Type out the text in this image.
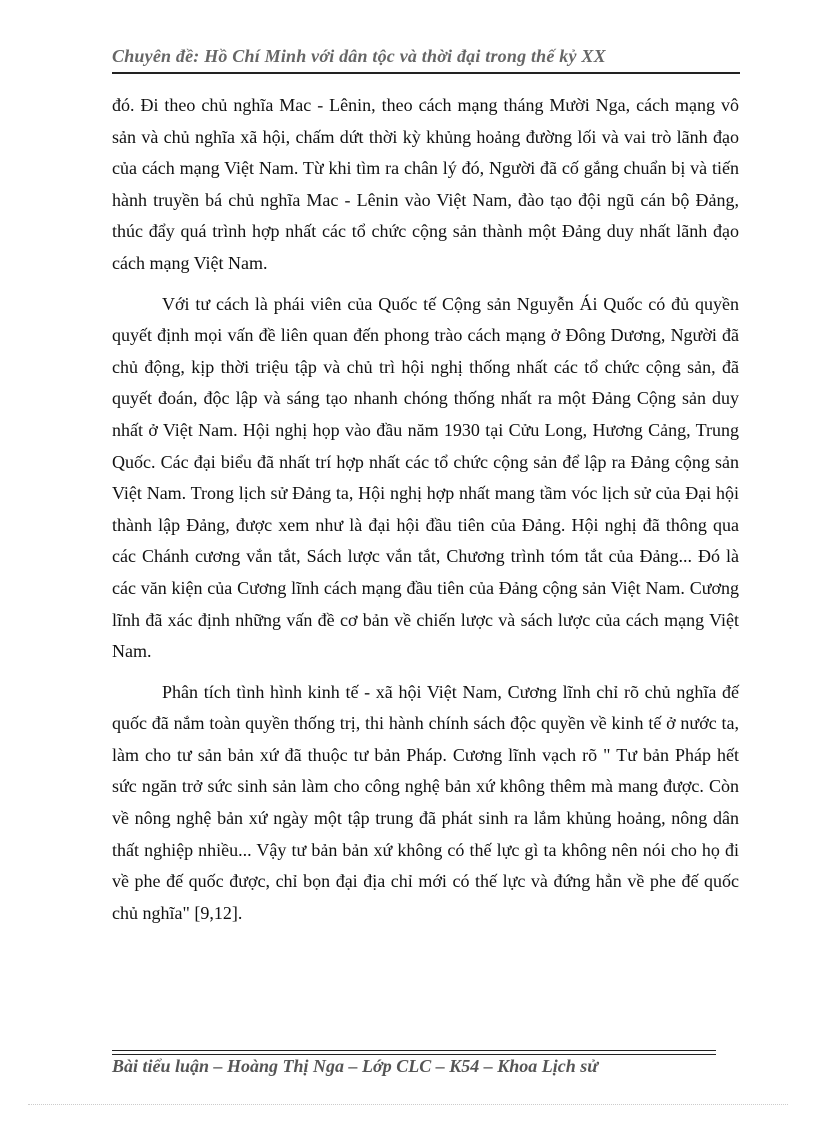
Chuyên đề: Hồ Chí Minh với dân tộc và thời đại trong thế kỷ XX

đó. Đi theo chủ nghĩa Mac - Lênin, theo cách mạng tháng Mười Nga, cách mạng vô sản và chủ nghĩa xã hội, chấm dứt thời kỳ khủng hoảng đường lối và vai trò lãnh đạo của cách mạng Việt Nam. Từ khi tìm ra chân lý đó, Người đã cố gắng chuẩn bị và tiến hành truyền bá chủ nghĩa Mac - Lênin vào Việt Nam, đào tạo đội ngũ cán bộ Đảng, thúc đẩy quá trình hợp nhất các tổ chức cộng sản thành một Đảng duy nhất lãnh đạo cách mạng Việt Nam.

Với tư cách là phái viên của Quốc tế Cộng sản Nguyễn Ái Quốc có đủ quyền quyết định mọi vấn đề liên quan đến phong trào cách mạng ở Đông Dương, Người đã chủ động, kịp thời triệu tập và chủ trì hội nghị thống nhất các tổ chức cộng sản, đã quyết đoán, độc lập và sáng tạo nhanh chóng thống nhất ra một Đảng Cộng sản duy nhất ở Việt Nam. Hội nghị họp vào đầu năm 1930 tại Cửu Long, Hương Cảng, Trung Quốc. Các đại biểu đã nhất trí hợp nhất các tổ chức cộng sản để lập ra Đảng cộng sản Việt Nam. Trong lịch sử Đảng ta, Hội nghị hợp nhất mang tầm vóc lịch sử của Đại hội thành lập Đảng, được xem như là đại hội đầu tiên của Đảng. Hội nghị đã thông qua các Chánh cương vắn tắt, Sách lược vắn tắt, Chương trình tóm tắt của Đảng... Đó là các văn kiện của Cương lĩnh cách mạng đầu tiên của Đảng cộng sản Việt Nam. Cương lĩnh đã xác định những vấn đề cơ bản về chiến lược và sách lược của cách mạng Việt Nam.

Phân tích tình hình kinh tế - xã hội Việt Nam, Cương lĩnh chỉ rõ chủ nghĩa đế quốc đã nắm toàn quyền thống trị, thi hành chính sách độc quyền về kinh tế ở nước ta, làm cho tư sản bản xứ đã thuộc tư bản Pháp. Cương lĩnh vạch rõ " Tư bản Pháp hết sức ngăn trở sức sinh sản làm cho công nghệ bản xứ không thêm mà mang được. Còn về nông nghệ bản xứ ngày một tập trung đã phát sinh ra lắm khủng hoảng, nông dân thất nghiệp nhiều... Vậy tư bản bản xứ không có thế lực gì ta không nên nói cho họ đi về phe đế quốc được, chỉ bọn đại địa chỉ mới có thế lực và đứng hẳn về phe đế quốc chủ nghĩa" [9,12].

Bài tiểu luận – Hoàng Thị Nga – Lớp CLC – K54 – Khoa Lịch sử
